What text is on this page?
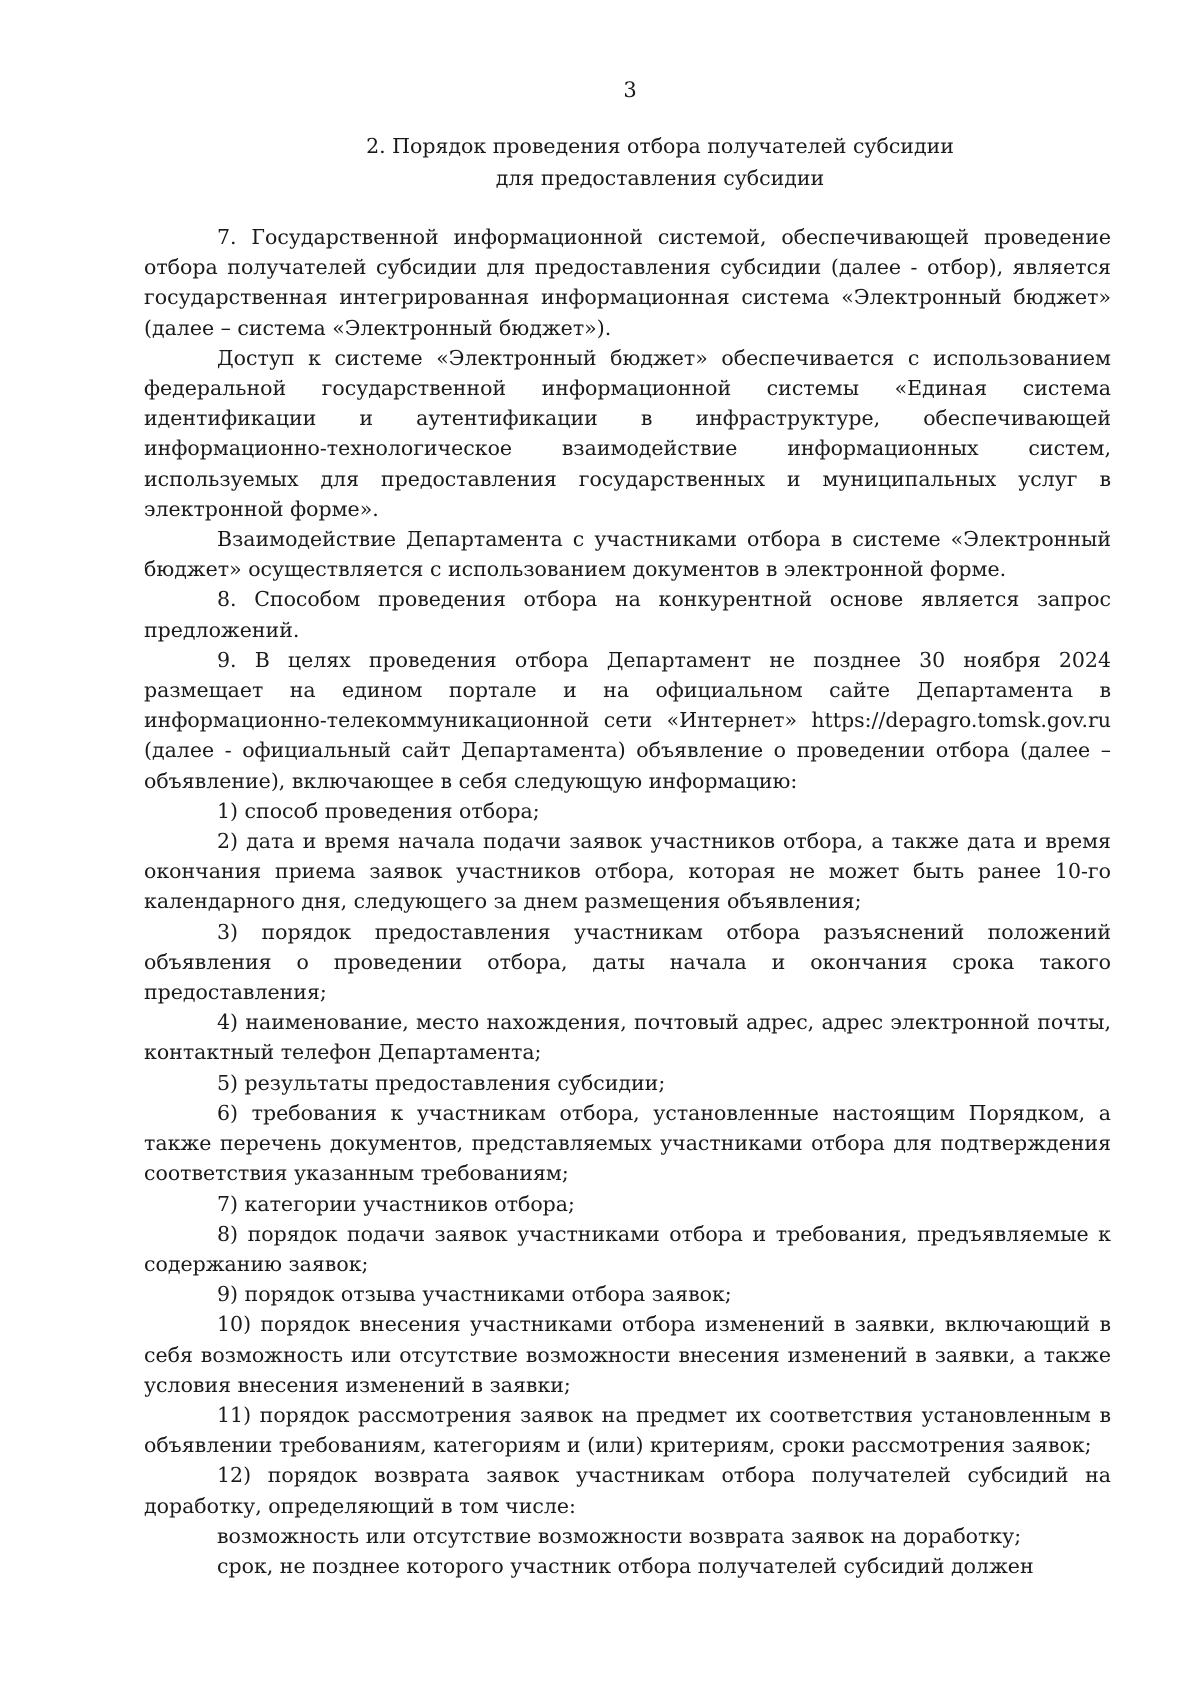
3
2. Порядок проведения отбора получателей субсидии
для предоставления субсидии

7. Государственной информационной системой, обеспечивающей проведение отбора получателей субсидии для предоставления субсидии (далее - отбор), является государственная интегрированная информационная система «Электронный бюджет» (далее – система «Электронный бюджет»).

Доступ к системе «Электронный бюджет» обеспечивается с использованием федеральной государственной информационной системы «Единая система идентификации и аутентификации в инфраструктуре, обеспечивающей информационно-технологическое взаимодействие информационных систем, используемых для предоставления государственных и муниципальных услуг в электронной форме».

Взаимодействие Департамента с участниками отбора в системе «Электронный бюджет» осуществляется с использованием документов в электронной форме.

8. Способом проведения отбора на конкурентной основе является запрос предложений.

9. В целях проведения отбора Департамент не позднее 30 ноября 2024 размещает на едином портале и на официальном сайте Департамента в информационно-телекоммуникационной сети «Интернет» https://depagro.tomsk.gov.ru (далее - официальный сайт Департамента) объявление о проведении отбора (далее – объявление), включающее в себя следующую информацию:

1) способ проведения отбора;

2) дата и время начала подачи заявок участников отбора, а также дата и время окончания приема заявок участников отбора, которая не может быть ранее 10-го календарного дня, следующего за днем размещения объявления;

3) порядок предоставления участникам отбора разъяснений положений объявления о проведении отбора, даты начала и окончания срока такого предоставления;

4) наименование, место нахождения, почтовый адрес, адрес электронной почты, контактный телефон Департамента;

5) результаты предоставления субсидии;

6) требования к участникам отбора, установленные настоящим Порядком, а также перечень документов, представляемых участниками отбора для подтверждения соответствия указанным требованиям;

7) категории участников отбора;

8) порядок подачи заявок участниками отбора и требования, предъявляемые к содержанию заявок;

9) порядок отзыва участниками отбора заявок;

10) порядок внесения участниками отбора изменений в заявки, включающий в себя возможность или отсутствие возможности внесения изменений в заявки, а также условия внесения изменений в заявки;

11) порядок рассмотрения заявок на предмет их соответствия установленным в объявлении требованиям, категориям и (или) критериям, сроки рассмотрения заявок;

12) порядок возврата заявок участникам отбора получателей субсидий на доработку, определяющий в том числе:

возможность или отсутствие возможности возврата заявок на доработку;

срок, не позднее которого участник отбора получателей субсидий должен
